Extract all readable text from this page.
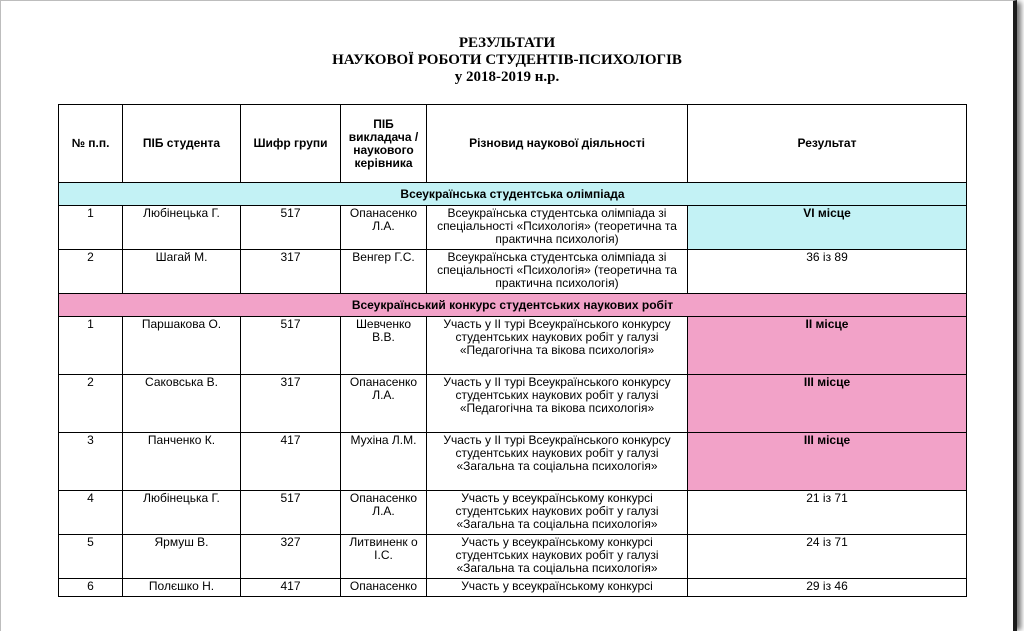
РЕЗУЛЬТАТИ
НАУКОВОЇ РОБОТИ СТУДЕНТІВ-ПСИХОЛОГІВ
у 2018-2019 н.р.
№ п.п.	ПІБ студента	Шифр групи	ПІБ викладача / наукового керівника	Різновид наукової діяльності	Результат
Всеукраїнська студентська олімпіада					
1	Любінецька Г.	517	Опанасенко Л.А.	Всеукраїнська студентська олімпіада зі спеціальності «Психологія» (теоретична та практична психологія)	VI місце
2	Шагай М.	317	Венгер Г.С.	Всеукраїнська студентська олімпіада зі спеціальності «Психологія» (теоретична та практична психологія)	36 із 89
Всеукраїнський конкурс студентських наукових робіт					
1	Паршакова О.	517	Шевченко В.В.	Участь у ІІ турі Всеукраїнського конкурсу студентських наукових робіт у галузі «Педагогічна та вікова психологія»	ІІ місце
2	Саковська В.	317	Опанасенко Л.А.	Участь у ІІ турі Всеукраїнського конкурсу студентських наукових робіт у галузі «Педагогічна та вікова психологія»	ІІІ місце
3	Панченко К.	417	Мухіна Л.М.	Участь у ІІ турі Всеукраїнського конкурсу студентських наукових робіт у галузі «Загальна та соціальна психологія»	ІІІ місце
4	Любінецька Г.	517	Опанасенко Л.А.	Участь у всеукраїнському конкурсі студентських наукових робіт у галузі «Загальна та соціальна психологія»	21 із 71
5	Ярмуш В.	327	Литвиненк о І.С.	Участь у всеукраїнському конкурсі студентських наукових робіт у галузі «Загальна та соціальна психологія»	24 із 71
6	Полєшко Н.	417	Опанасенко	Участь у всеукраїнському конкурсі	29 із 46
